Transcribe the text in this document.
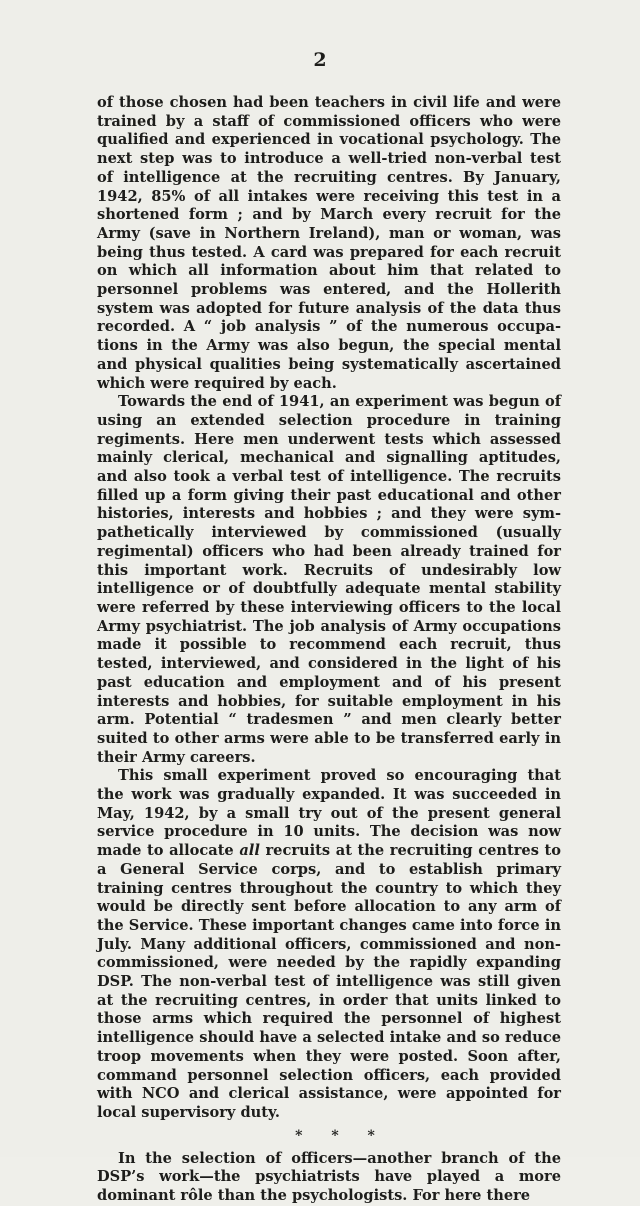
2

of those chosen had been teachers in civil life and were trained by a staff of commissioned officers who were qualified and experienced in vocational psychology. The next step was to introduce a well-tried non-verbal test of intelligence at the recruiting centres. By January, 1942, 85% of all intakes were receiving this test in a shortened form ; and by March every recruit for the Army (save in Northern Ireland), man or woman, was being thus tested. A card was prepared for each recruit on which all information about him that related to personnel problems was entered, and the Hollerith system was adopted for future analysis of the data thus recorded. A “ job analysis ” of the numerous occupations in the Army was also begun, the special mental and physical qualities being systematically ascertained which were required by each.

Towards the end of 1941, an experiment was begun of using an extended selection procedure in training regiments. Here men underwent tests which assessed mainly clerical, mechanical and signalling aptitudes, and also took a verbal test of intelligence. The recruits filled up a form giving their past educational and other histories, interests and hobbies ; and they were sympathetically interviewed by commissioned (usually regimental) officers who had been already trained for this important work. Recruits of undesirably low intelligence or of doubtfully adequate mental stability were referred by these interviewing officers to the local Army psychiatrist. The job analysis of Army occupations made it possible to recommend each recruit, thus tested, interviewed, and considered in the light of his past education and employment and of his present interests and hobbies, for suitable employment in his arm. Potential “ tradesmen ” and men clearly better suited to other arms were able to be transferred early in their Army careers.

This small experiment proved so encouraging that the work was gradually expanded. It was succeeded in May, 1942, by a small try out of the present general service procedure in 10 units. The decision was now made to allocate all recruits at the recruiting centres to a General Service corps, and to establish primary training centres throughout the country to which they would be directly sent before allocation to any arm of the Service. These important changes came into force in July. Many additional officers, commissioned and non-commissioned, were needed by the rapidly expanding DSP. The non-verbal test of intelligence was still given at the recruiting centres, in order that units linked to those arms which required the personnel of highest intelligence should have a selected intake and so reduce troop movements when they were posted. Soon after, command personnel selection officers, each provided with NCO and clerical assistance, were appointed for local supervisory duty.

* * *

In the selection of officers—another branch of the DSP’s work—the psychiatrists have played a more dominant rôle than the psychologists. For here there
